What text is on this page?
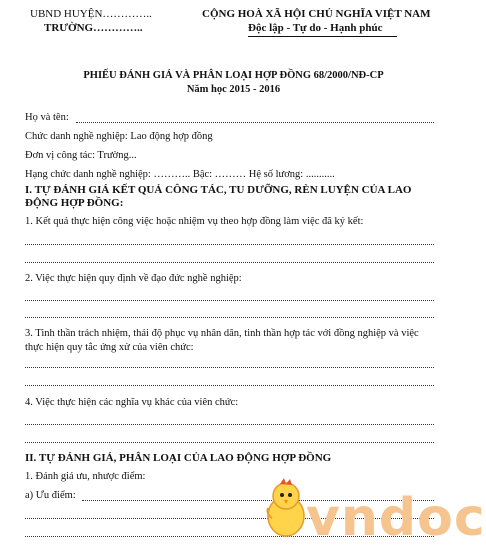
UBND HUYỆN…………..
TRƯỜNG…………..
CỘNG HOÀ XÃ HỘI CHỦ NGHĨA VIỆT NAM
Độc lập - Tự do - Hạnh phúc
PHIẾU ĐÁNH GIÁ VÀ PHÂN LOẠI HỢP ĐỒNG 68/2000/NĐ-CP
Năm học 2015 - 2016
Họ và tên:
Chức danh nghề nghiệp: Lao động hợp đồng
Đơn vị công tác: Trường...
Hạng chức danh nghề nghiệp: ……….. Bậc: ……… Hệ số lương: ...........
I. TỰ ĐÁNH GIÁ KẾT QUẢ CÔNG TÁC, TU DƯỠNG, RÈN LUYỆN CỦA LAO
ĐỘNG HỢP ĐỒNG:
1. Kết quả thực hiện công việc hoặc nhiệm vụ theo hợp đồng làm việc đã ký kết:
2. Việc thực hiện quy định về đạo đức nghề nghiệp:
3. Tinh thần trách nhiệm, thái độ phục vụ nhân dân, tinh thần hợp tác với đồng nghiệp và việc
thực hiện quy tắc ứng xử của viên chức:
4. Việc thực hiện các nghĩa vụ khác của viên chức:
II. TỰ ĐÁNH GIÁ, PHÂN LOẠI CỦA LAO ĐỘNG HỢP ĐỒNG
1. Đánh giá ưu, nhược điểm:
a) Ưu điểm:	vndoc
